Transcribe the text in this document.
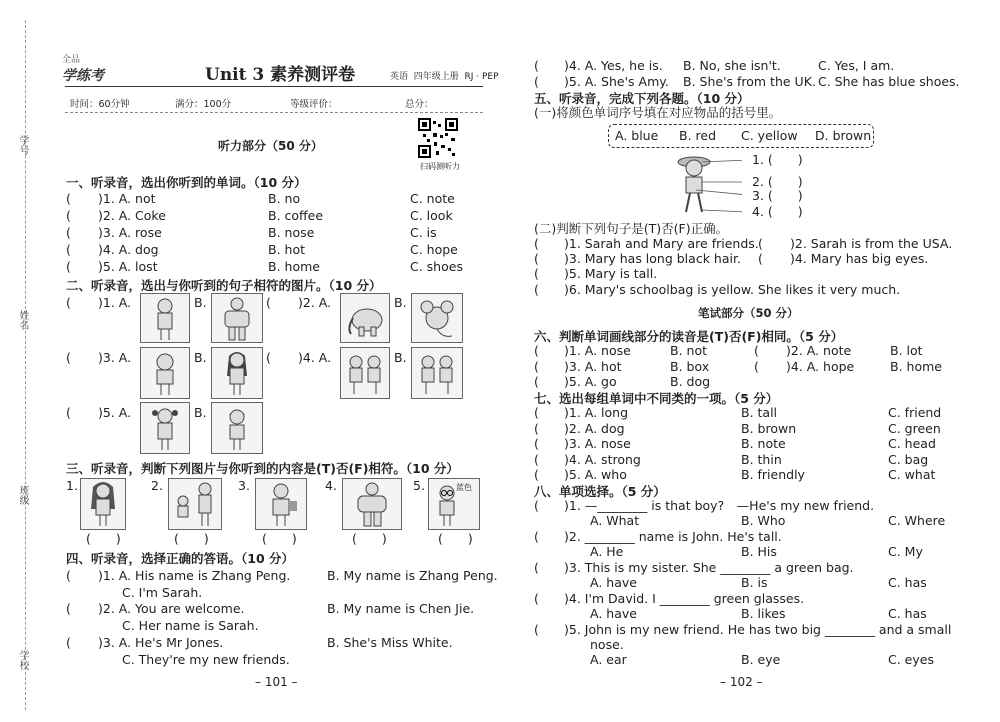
学号
姓名
班级
学校
全品
学练考	Unit 3 素养测评卷	英语 四年级上册 RJ · PEP
时间：60分钟	满分：100分	等级评价：	总分：
扫码测听力
听力部分（50 分）
一、听录音，选出你听到的单词。（10 分）
( )1. A. not	B. no	C. note
( )2. A. Coke	B. coffee	C. look
( )3. A. rose	B. nose	C. is
( )4. A. dog	B. hot	C. hope
( )5. A. lost	B. home	C. shoes
二、听录音，选出与你听到的句子相符的图片。（10 分）
( )1. A.	B.	( )2. A.	B.
( )3. A.	B.	( )4. A.	B.
( )5. A.	B.
三、听录音，判断下列图片与你听到的内容是(T)否(F)相符。（10 分）
1.
(　　)
2.
(　　)
3.
(　　)
4.
(　　)
5.	蓝色
(　　)
四、听录音，选择正确的答语。（10 分）
( )1. A. His name is Zhang Peng.	B. My name is Zhang Peng.
C. I'm Sarah.
( )2. A. You are welcome.	B. My name is Chen Jie.
C. Her name is Sarah.
( )3. A. He's Mr Jones.	B. She's Miss White.
C. They're my new friends.
– 101 –
( )4. A. Yes, he is. B. No, she isn't.	C. Yes, I am.
( )5. A. She's Amy. B. She's from the UK. C. She has blue shoes.
五、听录音，完成下列各题。（10 分）
(一)将颜色单词序号填在对应物品的括号里。
A. blue B. red C. yellow D. brown
1. (　　)
2. (　　)
3. (　　)
4. (　　)
(二)判断下列句子是(T)否(F)正确。
( )1. Sarah and Mary are friends. ( )2. Sarah is from the USA.
( )3. Mary has long black hair. ( )4. Mary has big eyes.
( )5. Mary is tall.
( )6. Mary's schoolbag is yellow. She likes it very much.
笔试部分（50 分）
六、判断单词画线部分的读音是(T)否(F)相同。（5 分）
( )1. A. nose	B. not	( )2. A. note	B. lot
( )3. A. hot	B. box	( )4. A. hope	B. home
( )5. A. go	B. dog
七、选出每组单词中不同类的一项。（5 分）
( )1. A. long	B. tall	C. friend
( )2. A. dog	B. brown	C. green
( )3. A. nose	B. note	C. head
( )4. A. strong	B. thin	C. bag
( )5. A. who	B. friendly	C. what
八、单项选择。（5 分）
( )1. —________ is that boy?　—He's my new friend.
A. What	B. Who	C. Where
( )2. ________ name is John. He's tall.
A. He	B. His	C. My
( )3. This is my sister. She ________ a green bag.
A. have	B. is	C. has
( )4. I'm David. I ________ green glasses.
A. have	B. likes	C. has
( )5. John is my new friend. He has two big ________ and a small
nose.
A. ear	B. eye	C. eyes
– 102 –
